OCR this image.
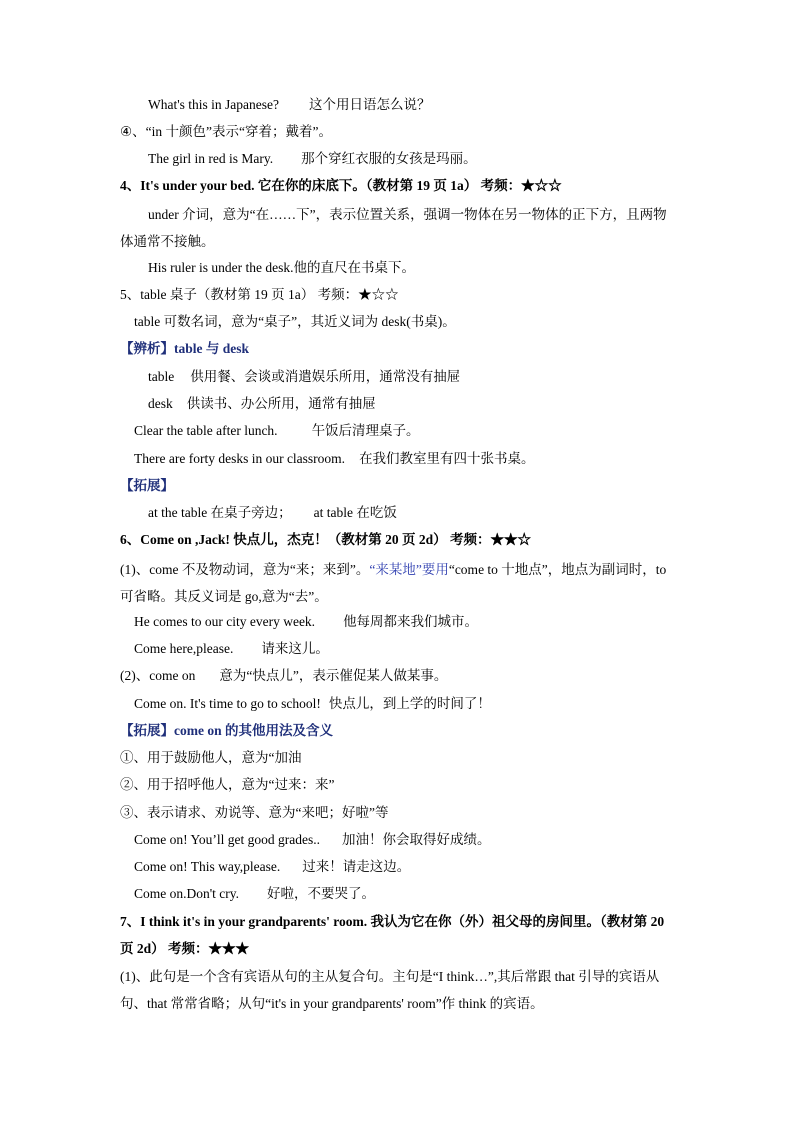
What's this in Japanese? 这个用日语怎么说？
④、“in 十颜色”表示“穿着；戴着”。
The girl in red is Mary. 那个穿红衣服的女孩是玛丽。
4、It's under your bed. 它在你的床底下。（教材第 19 页 1a） 考频：★☆☆
under 介词，意为“在……下”，表示位置关系，强调一物体在另一物体的正下方，且两物体通常不接触。
His ruler is under the desk.他的直尺在书桌下。
5、table 桌子（教材第 19 页 1a） 考频：★☆☆
table 可数名词，意为“桌子”，其近义词为 desk(书桌)。
【辨析】table 与 desk
table 供用餐、会谈或消遣娱乐所用，通常没有抽屉
desk 供读书、办公所用，通常有抽屉
Clear the table after lunch.	午饭后清理桌子。
There are forty desks in our classroom. 在我们教室里有四十张书桌。
【拓展】
at the table 在桌子旁边； at table 在吃饭
6、Come on ,Jack! 快点儿，杰克！（教材第 20 页 2d） 考频：★★☆
(1)、come 不及物动词，意为“来；来到”。“来某地”要用“come to 十地点”，地点为副词时，to 可省略。其反义词是 go,意为“去”。
He comes to our city every week. 他每周都来我们城市。
Come here,please. 请来这儿。
(2)、come on 意为“快点儿”，表示催促某人做某事。
Come on. It's time to go to school! 快点儿，到上学的时间了！
【拓展】come on 的其他用法及含义
①、用于鼓励他人，意为“加油
②、用于招呼他人，意为“过来：来”
③、表示请求、劝说等、意为“来吧；好啦”等
Come on! You’ll get good grades.. 加油！你会取得好成绩。
Come on! This way,please. 过来！请走这边。
Come on.Don't cry. 好啦，不要哭了。
7、I think it's in your grandparents' room. 我认为它在你（外）祖父母的房间里。（教材第 20 页 2d） 考频：★★★
(1)、此句是一个含有宾语从句的主从复合句。主句是“I think…”,其后常跟 that 引导的宾语从句、that 常常省略；从句“it's in your grandparents' room”作 think 的宾语。
